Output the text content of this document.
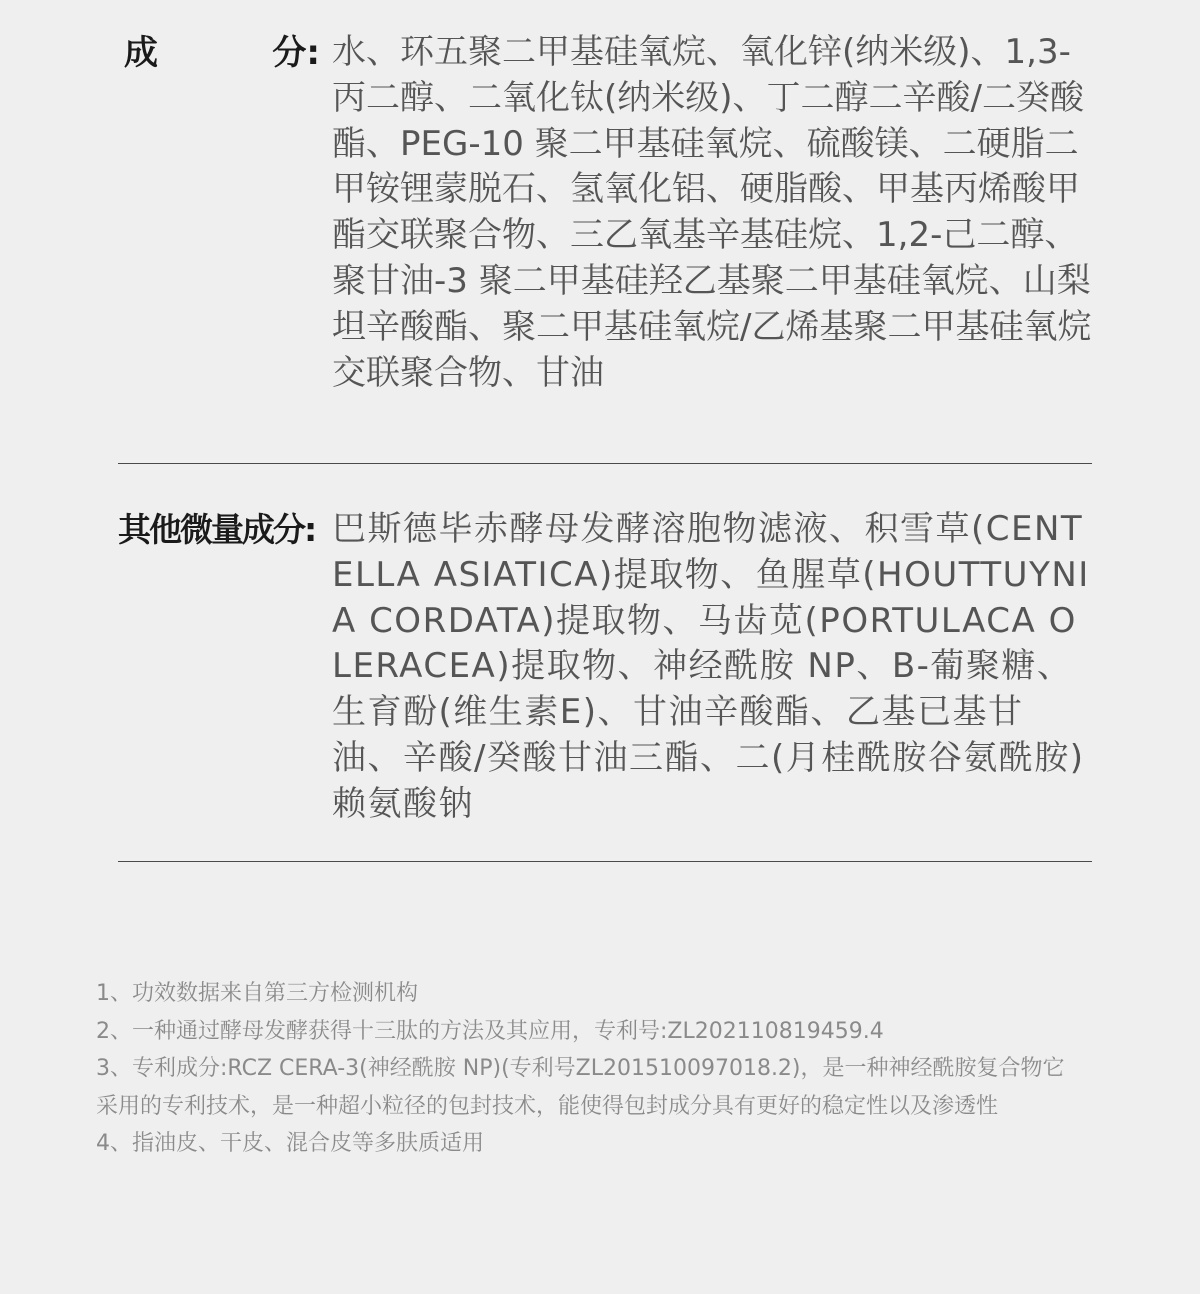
成	分: 水、环五聚二甲基硅氧烷、氧化锌(纳米级)、1,3-丙二醇、二氧化钛(纳米级)、丁二醇二辛酸/二癸酸酯、PEG-10 聚二甲基硅氧烷、硫酸镁、二硬脂二甲铵锂蒙脱石、氢氧化铝、硬脂酸、甲基丙烯酸甲酯交联聚合物、三乙氧基辛基硅烷、1,2-己二醇、聚甘油-3 聚二甲基硅羟乙基聚二甲基硅氧烷、山梨坦辛酸酯、聚二甲基硅氧烷/乙烯基聚二甲基硅氧烷交联聚合物、甘油
其他微量成分: 巴斯德毕赤酵母发酵溶胞物滤液、积雪草(CENTELLA ASIATICA)提取物、鱼腥草(HOUTTUYNIA CORDATA)提取物、马齿苋(PORTULACA OLERACEA)提取物、神经酰胺 NP、B-葡聚糖、生育酚(维生素E)、甘油辛酸酯、乙基已基甘油、辛酸/癸酸甘油三酯、二(月桂酰胺谷氨酰胺)赖氨酸钠

1、功效数据来自第三方检测机构

2、一种通过酵母发酵获得十三肽的方法及其应用，专利号:ZL202110819459.4

3、专利成分:RCZ CERA-3(神经酰胺 NP)(专利号ZL201510097018.2)，是一种神经酰胺复合物它采用的专利技术，是一种超小粒径的包封技术，能使得包封成分具有更好的稳定性以及渗透性

4、指油皮、干皮、混合皮等多肤质适用
